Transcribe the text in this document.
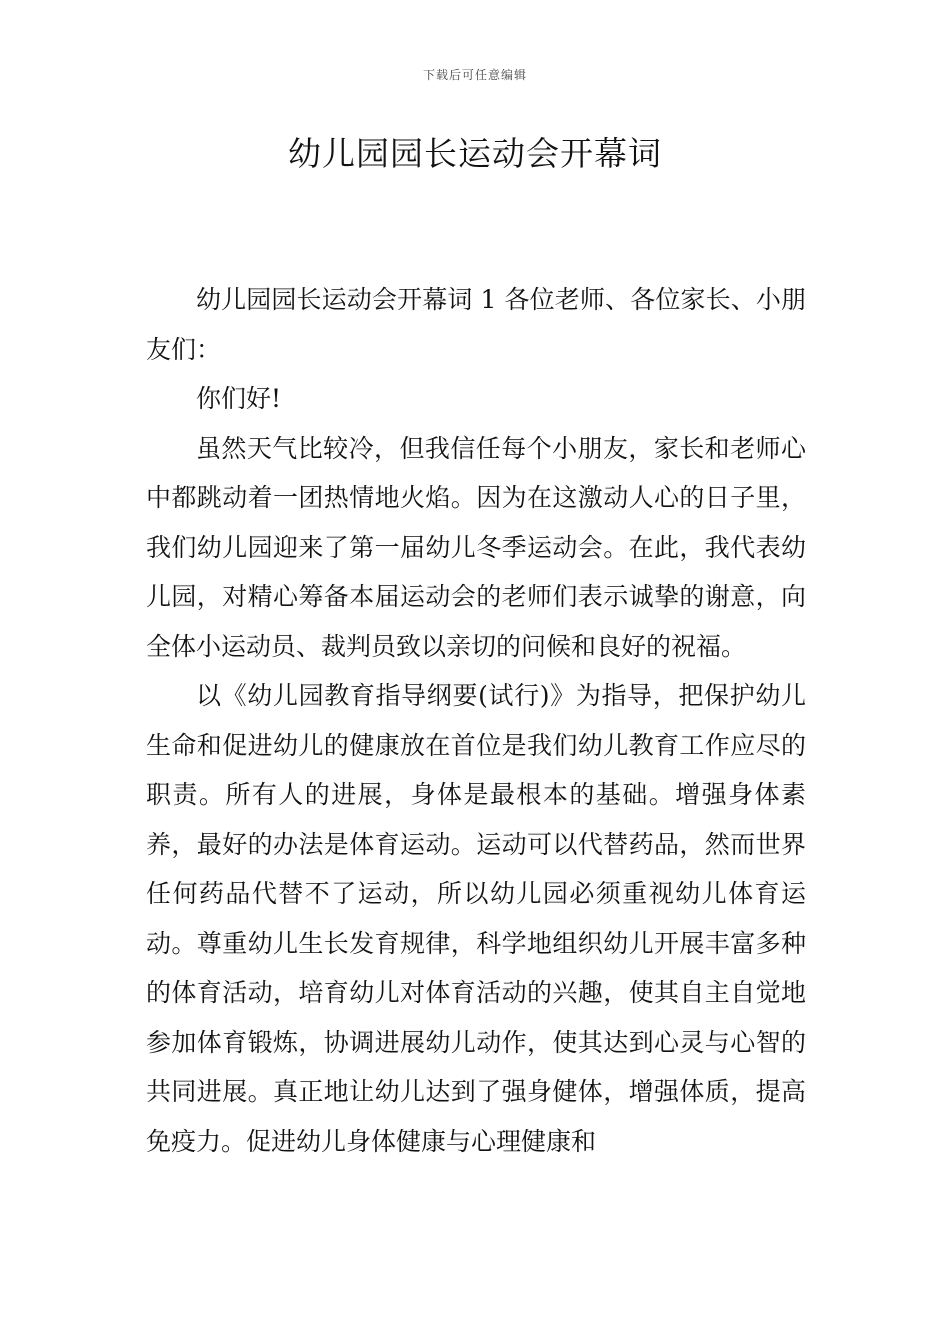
下载后可任意编辑
幼儿园园长运动会开幕词

幼儿园园长运动会开幕词 1 各位老师、各位家长、小朋友们：

你们好!

虽然天气比较冷，但我信任每个小朋友，家长和老师心中都跳动着一团热情地火焰。因为在这激动人心的日子里，我们幼儿园迎来了第一届幼儿冬季运动会。在此，我代表幼儿园，对精心筹备本届运动会的老师们表示诚挚的谢意，向全体小运动员、裁判员致以亲切的问候和良好的祝福。

以《幼儿园教育指导纲要(试行)》为指导，把保护幼儿生命和促进幼儿的健康放在首位是我们幼儿教育工作应尽的职责。所有人的进展，身体是最根本的基础。增强身体素养，最好的办法是体育运动。运动可以代替药品，然而世界任何药品代替不了运动，所以幼儿园必须重视幼儿体育运动。尊重幼儿生长发育规律，科学地组织幼儿开展丰富多种的体育活动，培育幼儿对体育活动的兴趣，使其自主自觉地参加体育锻炼，协调进展幼儿动作，使其达到心灵与心智的共同进展。真正地让幼儿达到了强身健体，增强体质，提高免疫力。促进幼儿身体健康与心理健康和
